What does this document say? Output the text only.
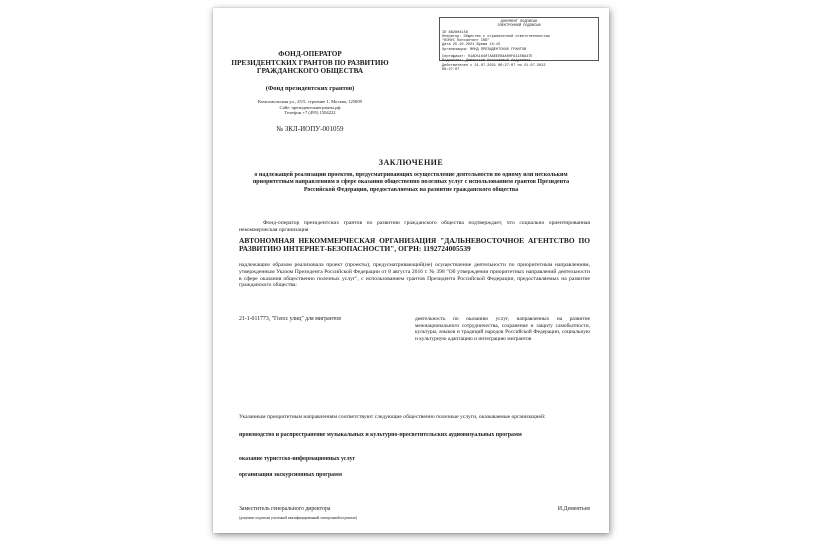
ФОНД-ОПЕРАТОР
ПРЕЗИДЕНТСКИХ ГРАНТОВ ПО РАЗВИТИЮ
ГРАЖДАНСКОГО ОБЩЕСТВА
(Фонд президентских грантов)
Комсомольская ул., 25/5, строение 1, Москва, 125009
Сайт: президентскиегранты.рф
Телефон +7 (495) 1504222
№ ЗКЛ-ИОПУ-001059
ДОКУМЕНТ ПОДПИСАН
ЭЛЕКТРОННОЙ ПОДПИСЬЮ
ID 882804158
Оператор: Общество с ограниченной ответственностью
"КОНУС Консалтинг СКБ"
Дата 25.10.2021 Время 15:15
Организация: ФОНД ПРЕЗИДЕНТСКИХ ГРАНТОВ
Сертификат: 01AD516407AAEEEB4A00FA11EBA47E
Подписант: Дементьев Николаевий Андреевна
Действителен с 21.07.2021 06:27:07 по 21.07.2022
06:27:07
ЗАКЛЮЧЕНИЕ
о надлежащей реализации проектов, предусматривающих осуществление деятельности по одному или нескольким приоритетным направлениям в сфере оказания общественно полезных услуг с использованием грантов Президента Российской Федерации, предоставляемых на развитие гражданского общества
Фонд-оператор президентских грантов по развитию гражданского общества подтверждает, что социально ориентированная некоммерческая организация
АВТОНОМНАЯ НЕКОММЕРЧЕСКАЯ ОРГАНИЗАЦИЯ "ДАЛЬНЕВОСТОЧНОЕ АГЕНТСТВО ПО РАЗВИТИЮ ИНТЕРНЕТ-БЕЗОПАСНОСТИ", ОГРН: 1192724005539
надлежащим образом реализовала проект (проекты), предусматривающий(ие) осуществление деятельности по приоритетным направлениям, утвержденным Указом Президента Российской Федерации от 8 августа 2016 г. № 398 "Об утверждении приоритетных направлений деятельности в сфере оказания общественно полезных услуг", с использованием грантов Президента Российской Федерации, предоставляемых на развитие гражданского общества:
21-1-011773, "Голос улиц" для мигрантов	деятельность по оказанию услуг, направленных на развитие межнационального сотрудничества, сохранение и защиту самобытности, культуры, языков и традиций народов Российской Федерации, социальную и культурную адаптацию и интеграцию мигрантов
Указанным приоритетным направлениям соответствуют следующие общественно полезные услуги, оказываемые организацией:
производство и распространение музыкальных и культурно-просветительских аудиовизуальных программ
оказание туристско-информационных услуг
организация экскурсионных программ
Заместитель генерального директора
(документ подписан усиленной квалифицированной электронной подписью)
И.Дементьев
